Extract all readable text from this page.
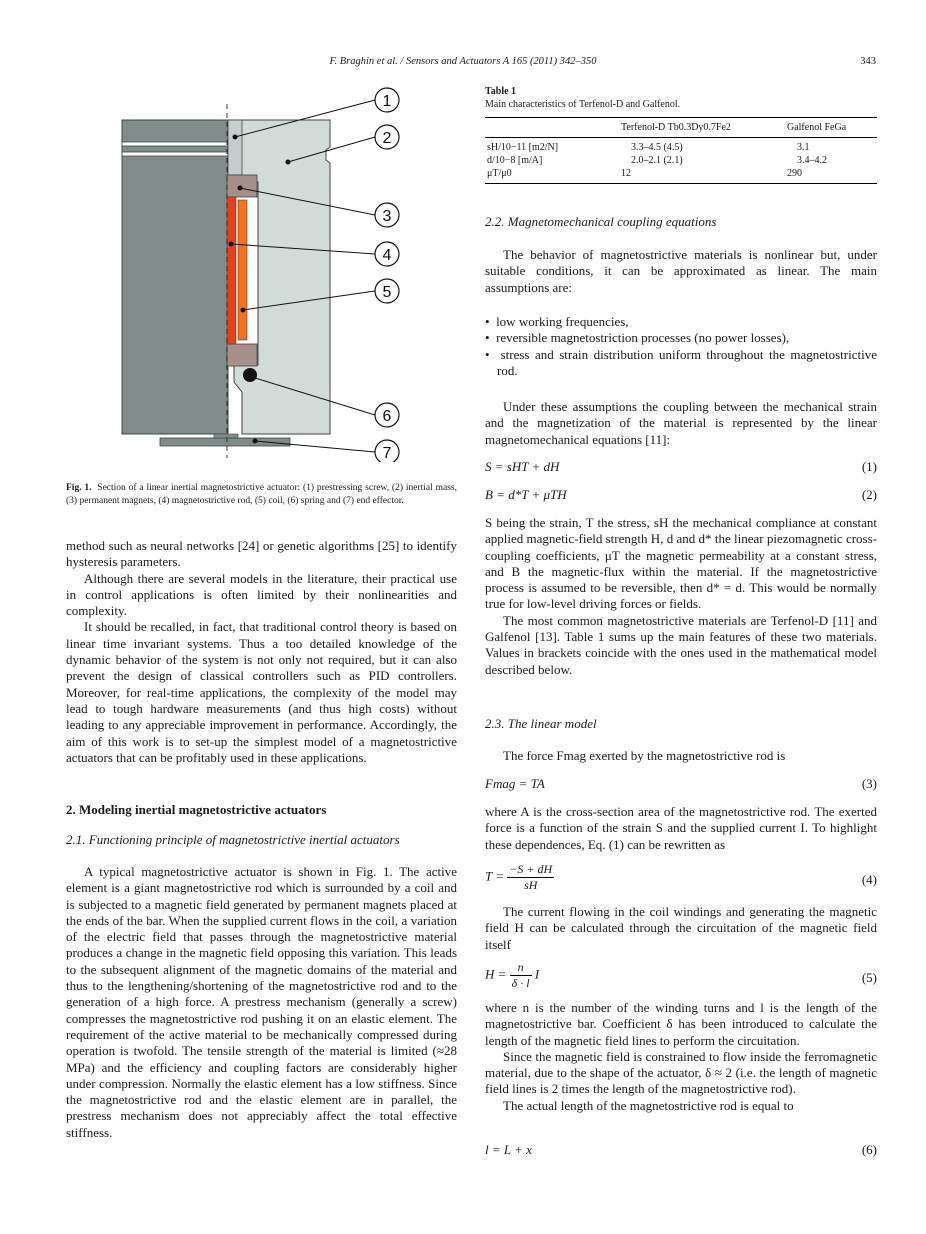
F. Braghin et al. / Sensors and Actuators A 165 (2011) 342–350	343
1
2
3
4
5
6
7
Fig. 1. Section of a linear inertial magnetostrictive actuator: (1) prestressing screw, (2) inertial mass, (3) permanent magnets, (4) magnetostrictive rod, (5) coil, (6) spring and (7) end effector.

method such as neural networks [24] or genetic algorithms [25] to identify hysteresis parameters.

Although there are several models in the literature, their practical use in control applications is often limited by their nonlinearities and complexity.

It should be recalled, in fact, that traditional control theory is based on linear time invariant systems. Thus a too detailed knowledge of the dynamic behavior of the system is not only not required, but it can also prevent the design of classical controllers such as PID controllers. Moreover, for real-time applications, the complexity of the model may lead to tough hardware measurements (and thus high costs) without leading to any appreciable improvement in performance. Accordingly, the aim of this work is to set-up the simplest model of a magnetostrictive actuators that can be profitably used in these applications.

2. Modeling inertial magnetostrictive actuators
2.1. Functioning principle of magnetostrictive inertial actuators

A typical magnetostrictive actuator is shown in Fig. 1. The active element is a giant magnetostrictive rod which is surrounded by a coil and is subjected to a magnetic field generated by permanent magnets placed at the ends of the bar. When the supplied current flows in the coil, a variation of the electric field that passes through the magnetostrictive material produces a change in the magnetic field opposing this variation. This leads to the subsequent alignment of the magnetic domains of the material and thus to the lengthening/shortening of the magnetostrictive rod and to the generation of a high force. A prestress mechanism (generally a screw) compresses the magnetostrictive rod pushing it on an elastic element. The requirement of the active material to be mechanically compressed during operation is twofold. The tensile strength of the material is limited (≈28 MPa) and the efficiency and coupling factors are considerably higher under compression. Normally the elastic element has a low stiffness. Since the magnetostrictive rod and the elastic element are in parallel, the prestress mechanism does not appreciably affect the total effective stiffness.

Table 1
Main characteristics of Terfenol-D and Galfenol.
	Terfenol-D Tb0.3Dy0.7Fe2	Galfenol FeGa
sH/10−11 [m2/N]	3.3–4.5 (4.5)	3.1
d/10−8 [m/A]	2.0–2.1 (2.1)	3.4–4.2
μT/μ0	12	290
2.2. Magnetomechanical coupling equations

The behavior of magnetostrictive materials is nonlinear but, under suitable conditions, it can be approximated as linear. The main assumptions are:

•  low working frequencies,
•  reversible magnetostriction processes (no power losses),
•  stress and strain distribution uniform throughout the magnetostrictive rod.

Under these assumptions the coupling between the mechanical strain and the magnetization of the material is represented by the linear magnetomechanical equations [11]:

S = sHT + dH	(1)
B = d*T + μTH	(2)

S being the strain, T the stress, sH the mechanical compliance at constant applied magnetic-field strength H, d and d* the linear piezomagnetic cross-coupling coefficients, μT the magnetic permeability at a constant stress, and B the magnetic-flux within the material. If the magnetostrictive process is assumed to be reversible, then d* = d. This would be normally true for low-level driving forces or fields.

The most common magnetostrictive materials are Terfenol-D [11] and Galfenol [13]. Table 1 sums up the main features of these two materials. Values in brackets coincide with the ones used in the mathematical model described below.

2.3. The linear model

The force Fmag exerted by the magnetostrictive rod is

Fmag = TA	(3)

where A is the cross-section area of the magnetostrictive rod. The exerted force is a function of the strain S and the supplied current I. To highlight these dependences, Eq. (1) can be rewritten as

$T = \frac{-S + dH}{sH}$	(4)

The current flowing in the coil windings and generating the magnetic field H can be calculated through the circuitation of the magnetic field itself

$H = \frac{n}{\delta \cdot l}$ I	(5)

where n is the number of the winding turns and l is the length of the magnetostrictive bar. Coefficient δ has been introduced to calculate the length of the magnetic field lines to perform the circuitation.

Since the magnetic field is constrained to flow inside the ferromagnetic material, due to the shape of the actuator, δ ≈ 2 (i.e. the length of magnetic field lines is 2 times the length of the magnetostrictive rod).

The actual length of the magnetostrictive rod is equal to

l = L + x	(6)
